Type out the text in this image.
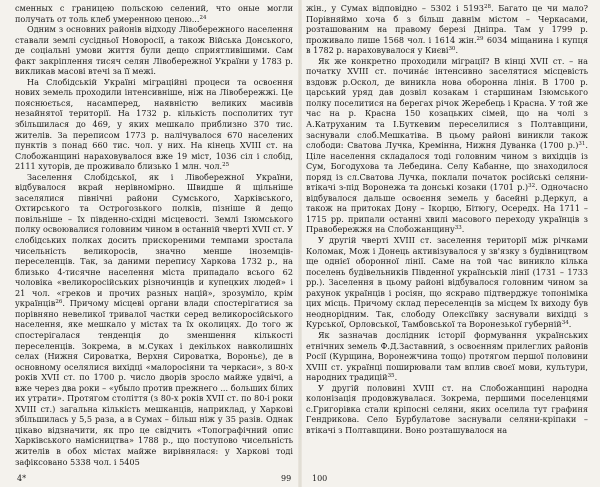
сменных с границею польскою селений, что оные могли получать от толь клеб умеренною ценою...$^{24}$

Одним з основних районів відходу Лівобережного населення ставали землі сусідньої Новоросії, а також Війська Донського, де соціальні умови життя були дещо сприятливішими. Сам факт закріплення тисяч селян Лівобережної України у 1783 р. викликав масові втечі за її межі.

На Слобідській Україні міграційні процеси та освоєння нових земель проходили інтенсивніше, ніж на Лівобережжі. Це пояснюється, насамперед, наявністю великих масивів незайнятої території. На 1732 р. кількість посполитих тут збільшилася до 469, у яких мешкало приблизно 370 тис. жителів. За переписом 1773 р. налічувалося 670 населених пунктів з понад 660 тис. чол. у них. На кінець XVIII ст. на Слобожанщині нараховувалося вже 19 міст, 1036 сіл і слобід, 2111 хуторів, де проживало близько 1 млн. чол.$^{25}$

Заселення Слобідської, як і Лівобережної України, відбувалося вкрай нерівномірно. Швидше й щільніше заселялися північні райони Сумського, Харківського, Охтирського та Острогозького полків, пізніше й дещо повільніше – їх південно-східні місцевості. Землі Ізюмського полку освоювалися головним чином в останній чверті XVII ст. У слобідських полках досить прискореними темпами зростала чисельність великоросів, значно менше іноземців-переселенців. Так, за даними перепису Харкова 1732 р., на близько 4-тисячне населення міста припадало всього 62 чоловіка «великоросійських різночинців и купецких людей» і 21 чол. «греков и прочих разных націй», зрозуміло, крім українців$^{26}$. Причому місцеві органи влади спостерігатися за порівняно невеликої тривалої частки серед великоросійського населення, яке мешкало у містах та їх околицях. До того ж спостерігалася тенденція до зменшення кількості переселенців. Зокрема, в м.Суках і декількох навколишніх селах (Нижня Сироватка, Верхня Сироватка, Вороньє), де в основному оселялися вихідці «малоросіяни та черкаси», з 80-х років XVII ст. по 1700 р. число дворів зросло майже удвічі, а вже через два роки – «убыло против прежнего ... больших білих их утрати». Протягом століття (з 80-х років XVII ст. по 80-і роки XVIII ст.) загальна кількість мешканців, наприклад, у Харкові збільшилась у 5,5 раза, а в Сумах – більш ніж у 35 разів. Однак цікаво відзначити, як про це свідчить «Топографічний опис Харківського намісництва» 1788 р., що поступово чисельність жителів в обох містах майже вирівнялася: у Харкові тоді зафіксовано 5338 чол. і 5405

жін., у Сумах відповідно – 5302 і 5193$^{28}$. Багато це чи мало? Порівняймо хоча б з більш давнім містом – Черкасами, розташованим на правому березі Дніпра. Там у 1799 р. проживало лише 1568 чол. і 1614 жін.$^{29}$ 6034 міщанина і купця в 1782 р. нараховувалося у Києві$^{30}$.

Як же конкретно проходили міграції? В кінці XVII ст. – на початку XVIII ст. почина́є інтенсивно заселятися місцевість вздовж р.Оскол, де виникла нова оборонна лінія. В 1700 р. царський уряд дав дозвіл козакам і старшинам Ізюмського полку поселитися на берегах річок Жеребець і Красна. У той же час на р. Красна 150 козацьких сімей, що на чолі з А.Катруханим та І.Буткевим переселилися з Полтавщини, заснували слоб.Мешкатіва. В цьому районі виникли також слободи: Сватова Лучка, Кремінна, Нижня Дуванка (1700 р.)$^{31}$. Ціле населення складалося тоді головним чином з вихідців із Сум, Богодухова та Лебедина. Селу Кабанне, що знаходилося поряд із сл.Сватова Лучка, поклали початок російські селяни-втікачі з-під Воронежа та донські козаки (1701 р.)$^{32}$. Одночасно відбувалося дальше освоєння земель у басейні р.Деркул, а також на притоках Дону – Ікорцю, Бітюгу, Осередх. На 1711 – 1715 рр. припали останні хвилі масового переходу українців з Правобережжя на Слобожанщину$^{33}$.

У другій чверті XVIII ст. заселення території між річками Коломак, Мож і Донець активізувалося у зв'язку з будівництвом ще однієї оборонної лінії. Саме на той час виникло кілька поселень будівельників Південної українській лінії (1731 – 1733 рр.). Заселення в цьому районі відбувалося головним чином за рахунок українців і росіян, що яскраво підтверджує топоніміка цих місць. Причому склад переселенців за місцем їх виходу був неоднорідним. Так, слободу Олексіївку заснували вихідці з Курської, Орловської, Тамбовської та Воронезької губерній$^{34}$.

Як зазначав дослідник історії формування українських етнічних земель Ф.Д.Заставний, з освоєнням прилеглих районів Росії (Курщина, Воронежчина тощо) протягом першої половини XVIII ст. українці поширювали там вплив своєї мови, культури, народних традицій$^{35}$.

У другій половині XVIII ст. на Слобожанщині народна колонізація продовжувалася. Зокрема, першими поселенцями с.Григорівка стали кріпосні селяни, яких оселила тут графиня Гендрикова. Село Бурбулатове заснували селяни-кріпаки – втікачі з Полтавщини. Воно розташувалося на

4*	99	100
